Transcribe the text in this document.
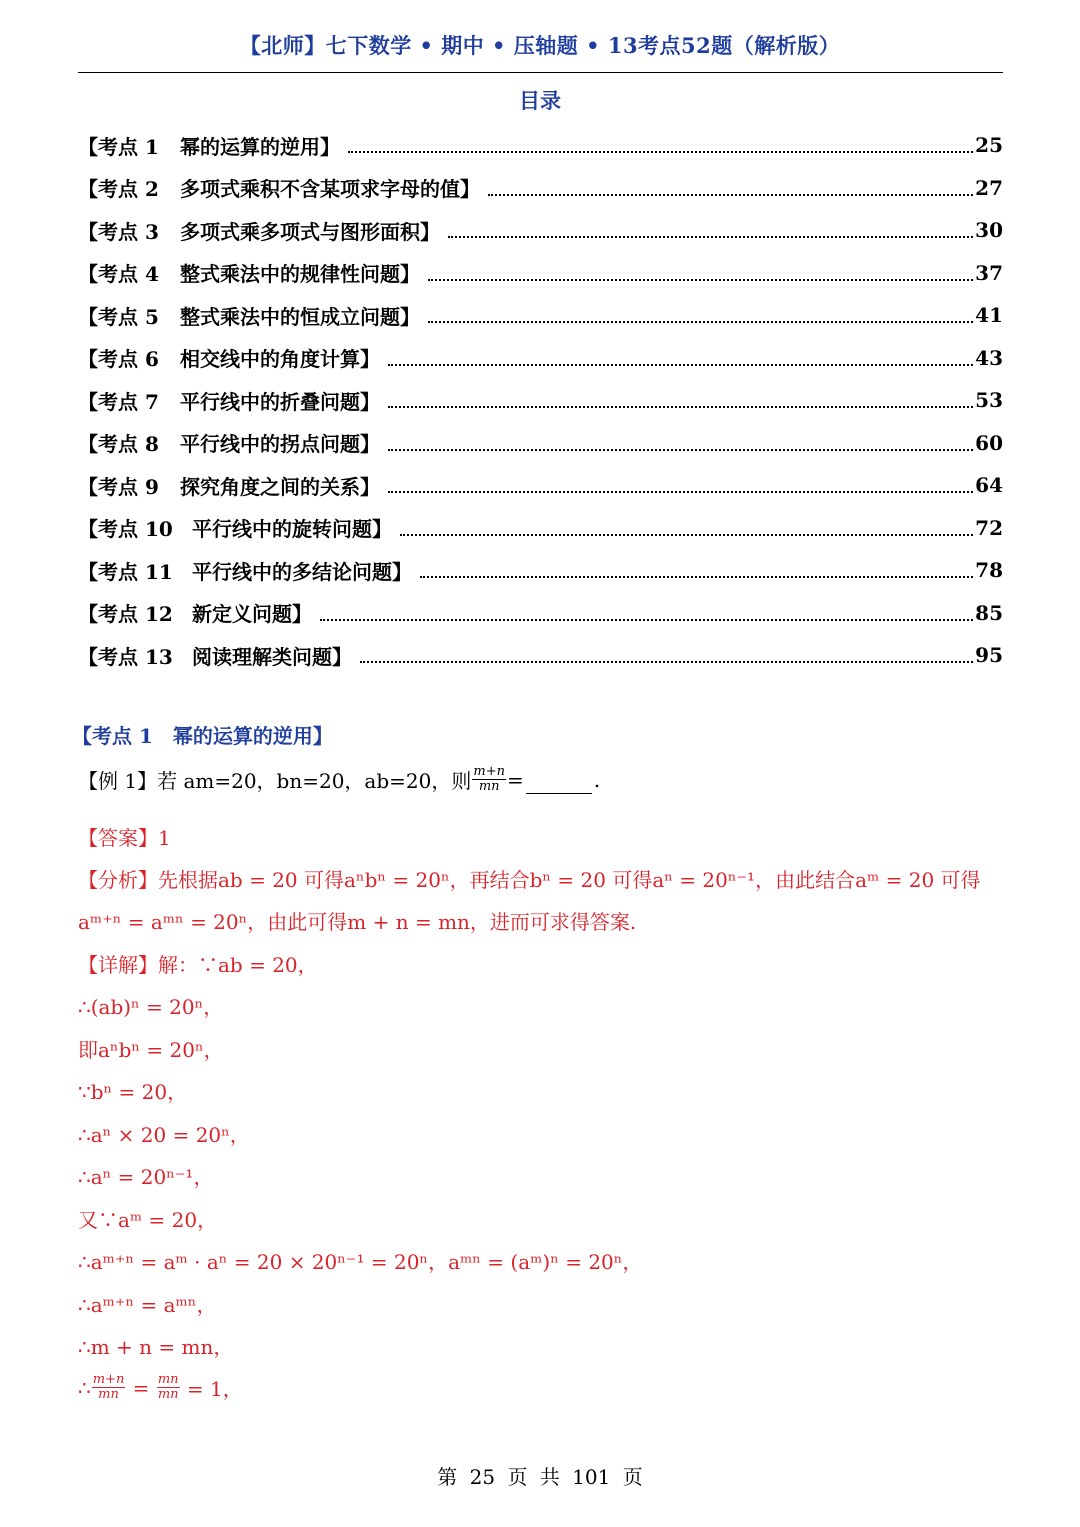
【北师】七下数学 • 期中 • 压轴题 • 13考点52题（解析版）
目录
【考点 1	幂的运算的逆用】	25
【考点 2	多项式乘积不含某项求字母的值】	27
【考点 3	多项式乘多项式与图形面积】	30
【考点 4	整式乘法中的规律性问题】	37
【考点 5	整式乘法中的恒成立问题】	41
【考点 6	相交线中的角度计算】	43
【考点 7	平行线中的折叠问题】	53
【考点 8	平行线中的拐点问题】	60
【考点 9	探究角度之间的关系】	64
【考点 10 平行线中的旋转问题】	72
【考点 11 平行线中的多结论问题】	78
【考点 12 新定义问题】	85
【考点 13 阅读理解类问题】	95
【考点 1　幂的运算的逆用】
【例 1】 若 am=20，bn=20，ab=20，则 $\frac{m+n}{mn}$ =	.
【答案】1
【分析】先根据ab = 20 可得aⁿbⁿ = 20ⁿ，再结合bⁿ = 20 可得aⁿ = 20ⁿ⁻¹，由此结合aᵐ = 20 可得
aᵐ⁺ⁿ = aᵐⁿ = 20ⁿ，由此可得m + n = mn，进而可求得答案.
【详解】解：∵ab = 20，
∴(ab)ⁿ = 20ⁿ，
即aⁿbⁿ = 20ⁿ，
∵bⁿ = 20，
∴aⁿ × 20 = 20ⁿ，
∴aⁿ = 20ⁿ⁻¹，
又∵aᵐ = 20，
∴aᵐ⁺ⁿ = aᵐ · aⁿ = 20 × 20ⁿ⁻¹ = 20ⁿ，aᵐⁿ = (aᵐ)ⁿ = 20ⁿ，
∴aᵐ⁺ⁿ = aᵐⁿ，
∴m + n = mn，
∴ $\frac{m+n}{mn} = \frac{mn}{mn} = 1$，
第 25 页 共 101 页
